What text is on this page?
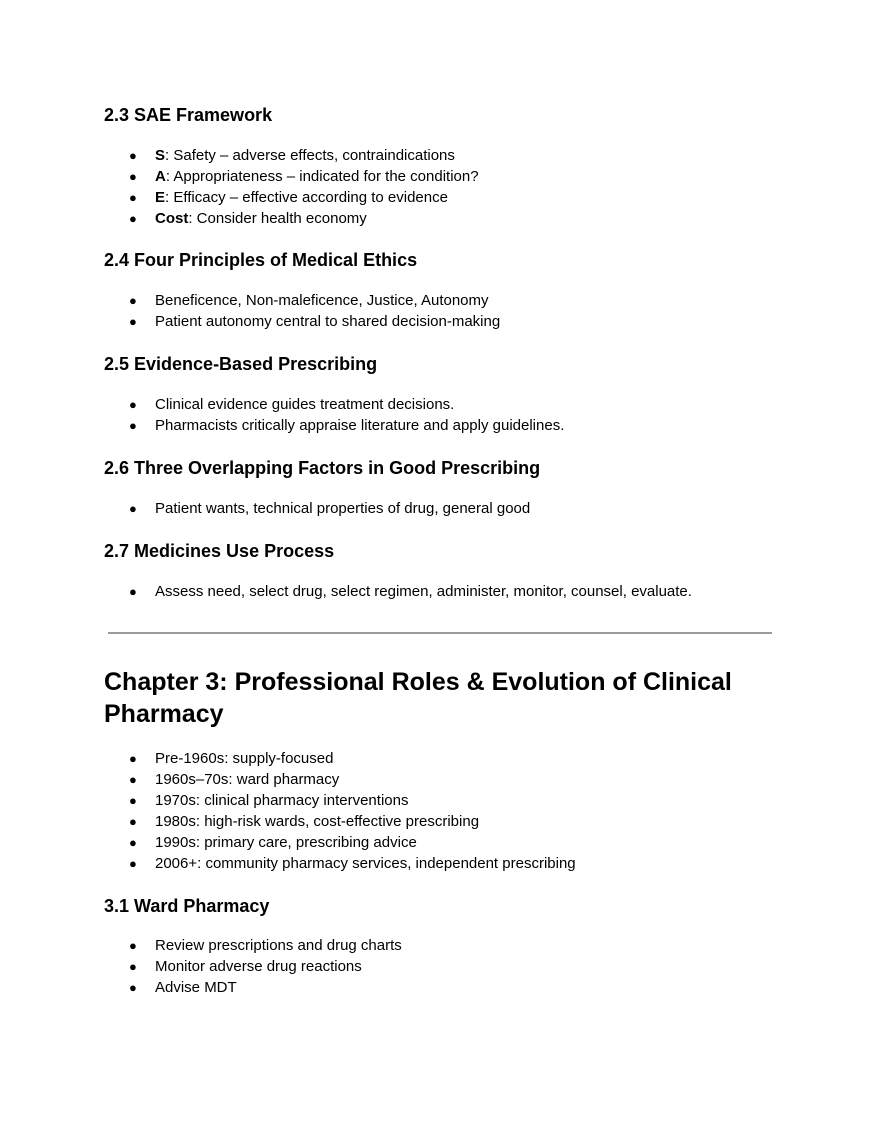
2.3 SAE Framework
● S: Safety – adverse effects, contraindications
● A: Appropriateness – indicated for the condition?
● E: Efficacy – effective according to evidence
● Cost: Consider health economy
2.4 Four Principles of Medical Ethics
● Beneficence, Non-maleficence, Justice, Autonomy
● Patient autonomy central to shared decision-making
2.5 Evidence-Based Prescribing
● Clinical evidence guides treatment decisions.
● Pharmacists critically appraise literature and apply guidelines.
2.6 Three Overlapping Factors in Good Prescribing
● Patient wants, technical properties of drug, general good
2.7 Medicines Use Process
● Assess need, select drug, select regimen, administer, monitor, counsel, evaluate.
Chapter 3: Professional Roles & Evolution of Clinical Pharmacy
● Pre-1960s: supply-focused
● 1960s–70s: ward pharmacy
● 1970s: clinical pharmacy interventions
● 1980s: high-risk wards, cost-effective prescribing
● 1990s: primary care, prescribing advice
● 2006+: community pharmacy services, independent prescribing
3.1 Ward Pharmacy
● Review prescriptions and drug charts
● Monitor adverse drug reactions
● Advise MDT
